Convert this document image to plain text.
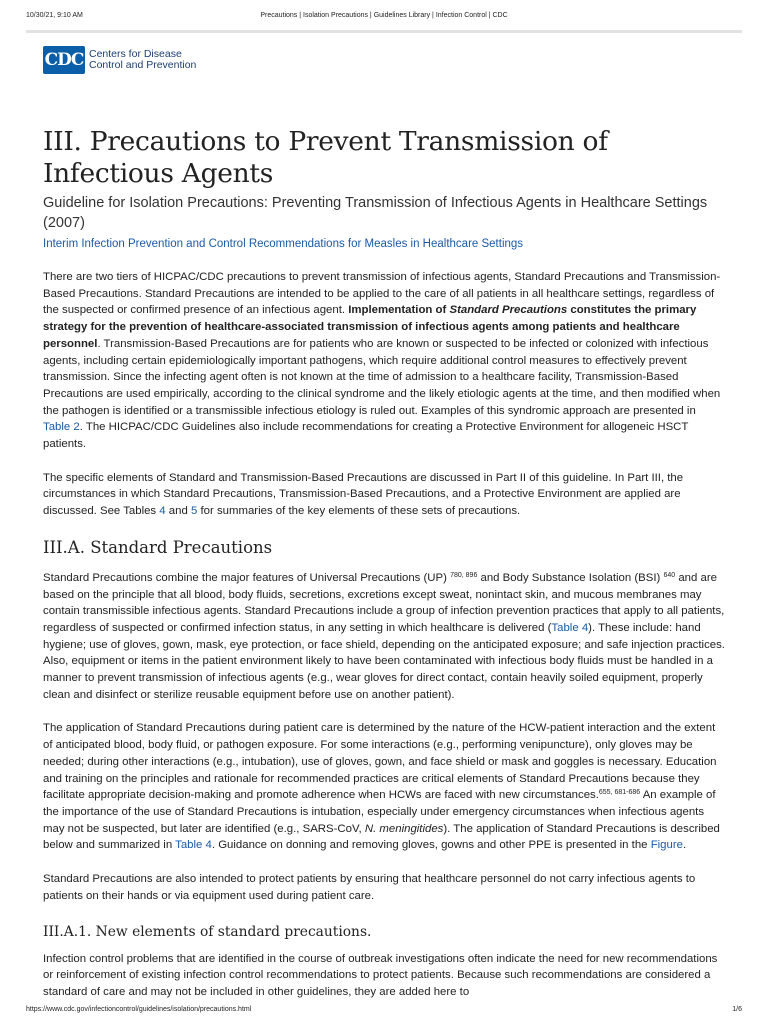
10/30/21, 9:10 AM	Precautions | Isolation Precautions | Guidelines Library | Infection Control | CDC
CDC Centers for Disease
Control and Prevention
III. Precautions to Prevent Transmission of Infectious Agents
Guideline for Isolation Precautions: Preventing Transmission of Infectious Agents in Healthcare Settings (2007)
Interim Infection Prevention and Control Recommendations for Measles in Healthcare Settings

There are two tiers of HICPAC/CDC precautions to prevent transmission of infectious agents, Standard Precautions and Transmission-Based Precautions. Standard Precautions are intended to be applied to the care of all patients in all healthcare settings, regardless of the suspected or confirmed presence of an infectious agent. Implementation of Standard Precautions constitutes the primary strategy for the prevention of healthcare-associated transmission of infectious agents among patients and healthcare personnel. Transmission-Based Precautions are for patients who are known or suspected to be infected or colonized with infectious agents, including certain epidemiologically important pathogens, which require additional control measures to effectively prevent transmission. Since the infecting agent often is not known at the time of admission to a healthcare facility, Transmission-Based Precautions are used empirically, according to the clinical syndrome and the likely etiologic agents at the time, and then modified when the pathogen is identified or a transmissible infectious etiology is ruled out. Examples of this syndromic approach are presented in Table 2. The HICPAC/CDC Guidelines also include recommendations for creating a Protective Environment for allogeneic HSCT patients.

The specific elements of Standard and Transmission-Based Precautions are discussed in Part II of this guideline. In Part III, the circumstances in which Standard Precautions, Transmission-Based Precautions, and a Protective Environment are applied are discussed. See Tables 4 and 5 for summaries of the key elements of these sets of precautions.

III.A. Standard Precautions

Standard Precautions combine the major features of Universal Precautions (UP) $^{780, 896}$ and Body Substance Isolation (BSI) $^{640}$ and are based on the principle that all blood, body fluids, secretions, excretions except sweat, nonintact skin, and mucous membranes may contain transmissible infectious agents. Standard Precautions include a group of infection prevention practices that apply to all patients, regardless of suspected or confirmed infection status, in any setting in which healthcare is delivered (Table 4). These include: hand hygiene; use of gloves, gown, mask, eye protection, or face shield, depending on the anticipated exposure; and safe injection practices. Also, equipment or items in the patient environment likely to have been contaminated with infectious body fluids must be handled in a manner to prevent transmission of infectious agents (e.g., wear gloves for direct contact, contain heavily soiled equipment, properly clean and disinfect or sterilize reusable equipment before use on another patient).

The application of Standard Precautions during patient care is determined by the nature of the HCW-patient interaction and the extent of anticipated blood, body fluid, or pathogen exposure. For some interactions (e.g., performing venipuncture), only gloves may be needed; during other interactions (e.g., intubation), use of gloves, gown, and face shield or mask and goggles is necessary. Education and training on the principles and rationale for recommended practices are critical elements of Standard Precautions because they facilitate appropriate decision-making and promote adherence when HCWs are faced with new circumstances.$^{655, 681-686}$ An example of the importance of the use of Standard Precautions is intubation, especially under emergency circumstances when infectious agents may not be suspected, but later are identified (e.g., SARS-CoV, N. meningitides). The application of Standard Precautions is described below and summarized in Table 4. Guidance on donning and removing gloves, gowns and other PPE is presented in the Figure.

Standard Precautions are also intended to protect patients by ensuring that healthcare personnel do not carry infectious agents to patients on their hands or via equipment used during patient care.

III.A.1. New elements of standard precautions.

Infection control problems that are identified in the course of outbreak investigations often indicate the need for new recommendations or reinforcement of existing infection control recommendations to protect patients. Because such recommendations are considered a standard of care and may not be included in other guidelines, they are added here to

https://www.cdc.gov/infectioncontrol/guidelines/isolation/precautions.html	1/6
